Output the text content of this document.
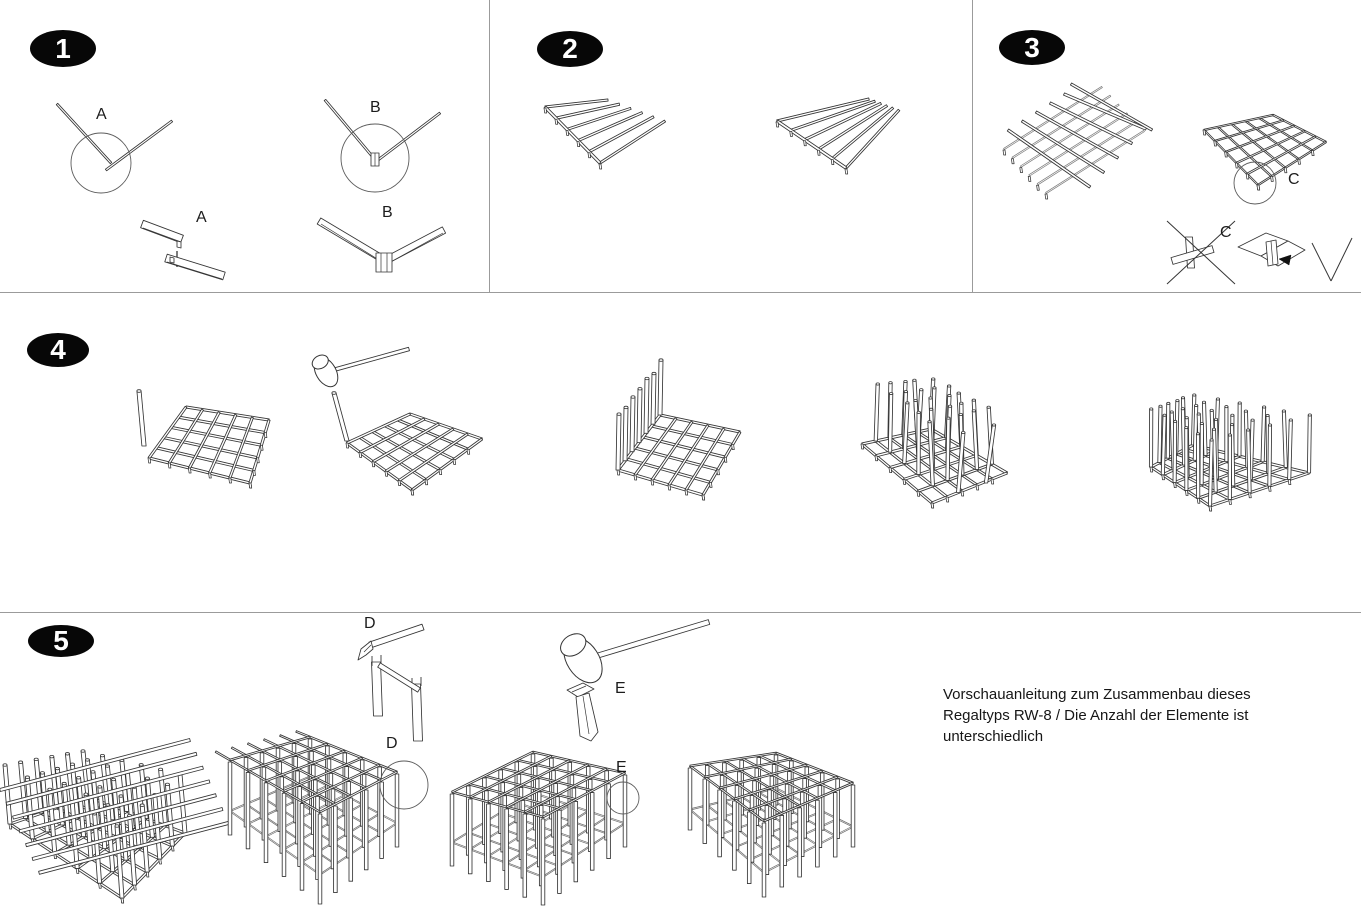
1	2	3
4
5
A	B
A	B
C
C
D
D
E
E
Vorschauanleitung zum Zusammenbau dieses
Regaltyps RW-8 / Die Anzahl der Elemente ist
unterschiedlich
